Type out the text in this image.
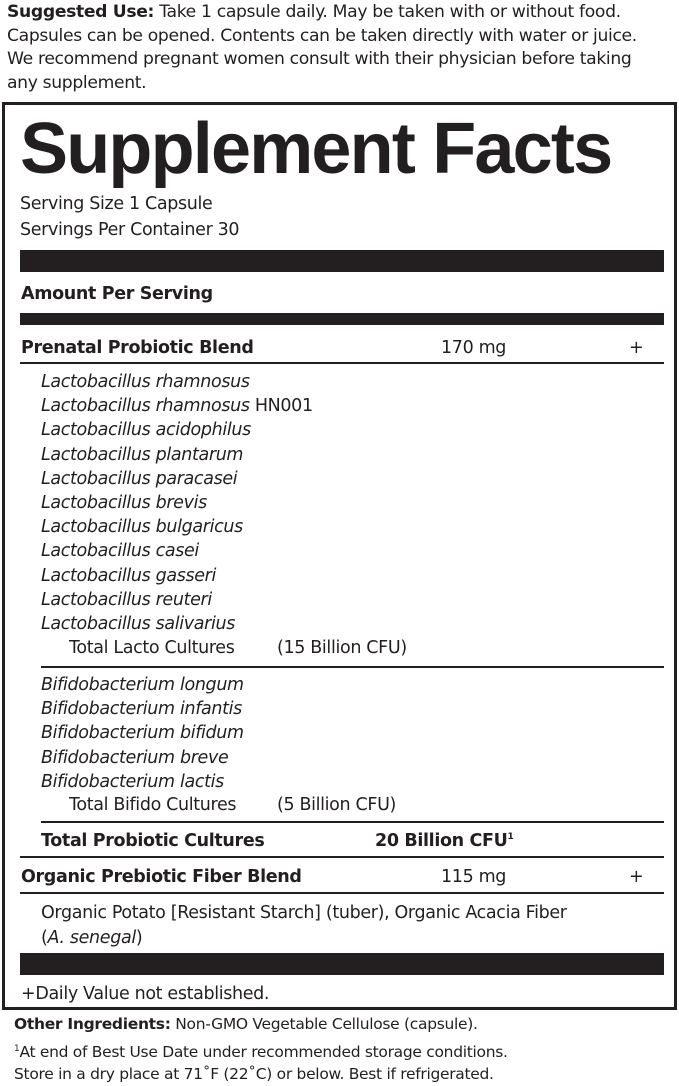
Suggested Use: Take 1 capsule daily. May be taken with or without food.
Capsules can be opened. Contents can be taken directly with water or juice.
We recommend pregnant women consult with their physician before taking
any supplement.
Supplement Facts
Serving Size 1 Capsule
Servings Per Container 30
Amount Per Serving
Prenatal Probiotic Blend	170 mg	+
Lactobacillus rhamnosus
Lactobacillus rhamnosus HN001
Lactobacillus acidophilus
Lactobacillus plantarum
Lactobacillus paracasei
Lactobacillus brevis
Lactobacillus bulgaricus
Lactobacillus casei
Lactobacillus gasseri
Lactobacillus reuteri
Lactobacillus salivarius
Total Lacto Cultures (15 Billion CFU)
Bifidobacterium longum
Bifidobacterium infantis
Bifidobacterium bifidum
Bifidobacterium breve
Bifidobacterium lactis
Total Bifido Cultures (5 Billion CFU)
Total Probiotic Cultures	20 Billion CFU$^1$
Organic Prebiotic Fiber Blend	115 mg	+
Organic Potato [Resistant Starch] (tuber), Organic Acacia Fiber
(A. senegal)
+Daily Value not established.
Other Ingredients: Non-GMO Vegetable Cellulose (capsule).
$^1$At end of Best Use Date under recommended storage conditions.
Store in a dry place at 71˚F (22˚C) or below. Best if refrigerated.
